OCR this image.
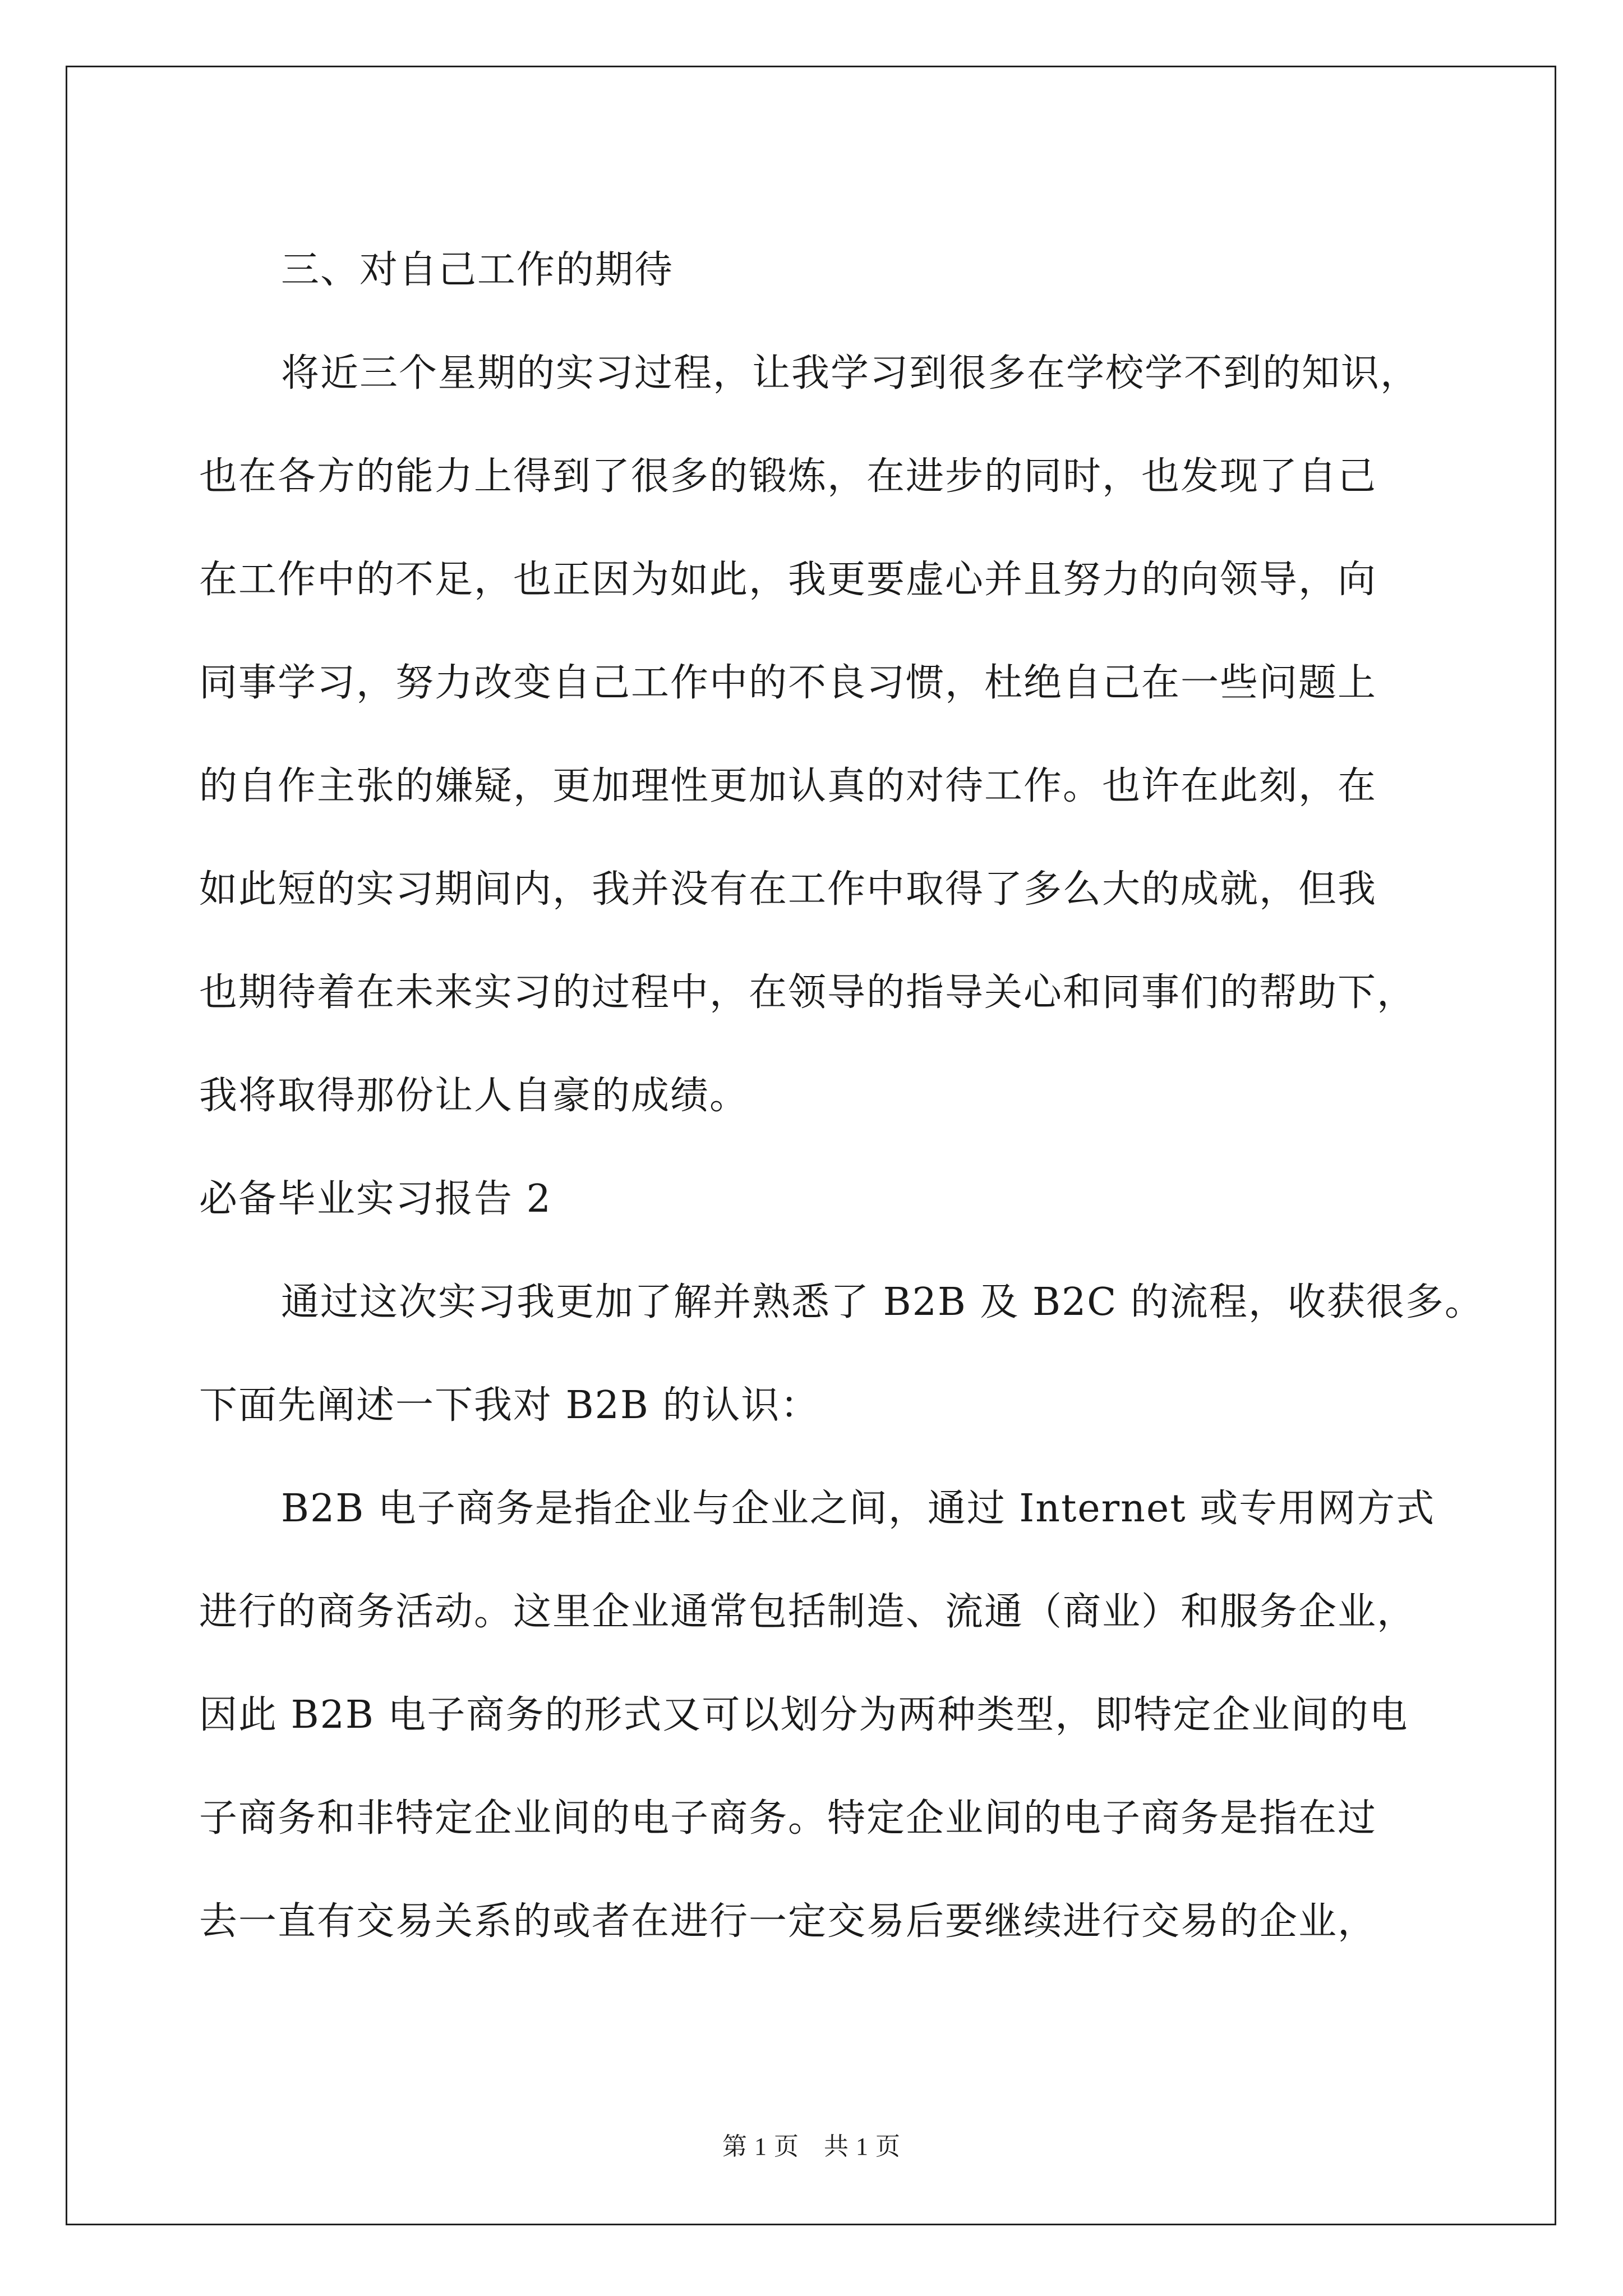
三、对自己工作的期待

将近三个星期的实习过程，让我学习到很多在学校学不到的知识，
也在各方的能力上得到了很多的锻炼，在进步的同时，也发现了自己
在工作中的不足，也正因为如此，我更要虚心并且努力的向领导，向
同事学习，努力改变自己工作中的不良习惯，杜绝自己在一些问题上
的自作主张的嫌疑，更加理性更加认真的对待工作。也许在此刻，在
如此短的实习期间内，我并没有在工作中取得了多么大的成就，但我
也期待着在未来实习的过程中，在领导的指导关心和同事们的帮助下，
我将取得那份让人自豪的成绩。

必备毕业实习报告 2

通过这次实习我更加了解并熟悉了 B2B 及 B2C 的流程，收获很多。
下面先阐述一下我对 B2B 的认识：

B2B 电子商务是指企业与企业之间，通过 Internet 或专用网方式
进行的商务活动。这里企业通常包括制造、流通（商业）和服务企业，
因此 B2B 电子商务的形式又可以划分为两种类型，即特定企业间的电
子商务和非特定企业间的电子商务。特定企业间的电子商务是指在过
去一直有交易关系的或者在进行一定交易后要继续进行交易的企业，

第 1 页 共 1 页
